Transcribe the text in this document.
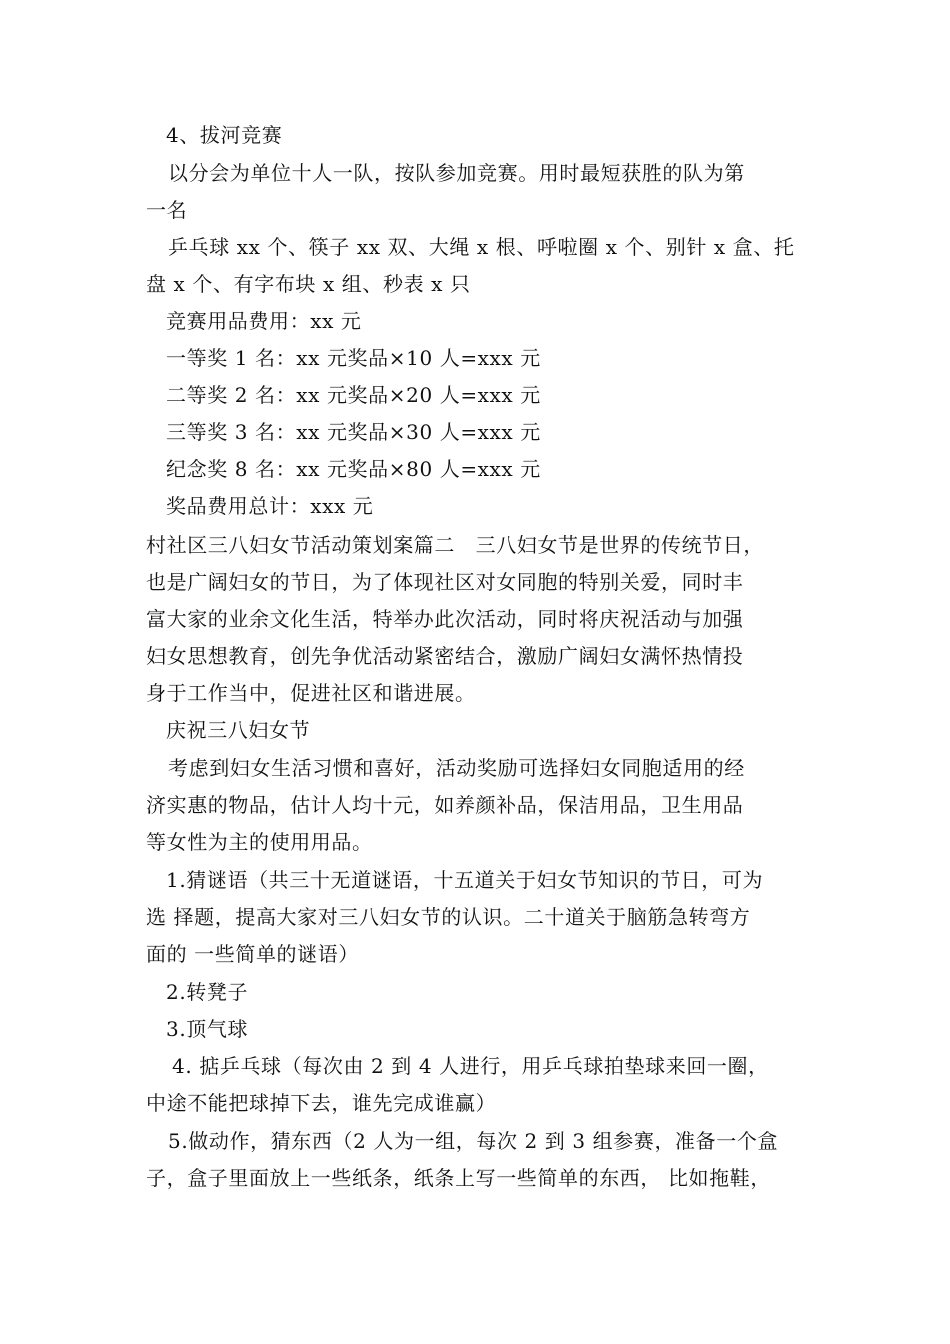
4、拔河竞赛
以分会为单位十人一队，按队参加竞赛。用时最短获胜的队为第
一名
乒乓球 xx 个、筷子 xx 双、大绳 x 根、呼啦圈 x 个、别针 x 盒、托
盘 x 个、有字布块 x 组、秒表 x 只
竞赛用品费用：xx 元
一等奖 1 名：xx 元奖品×10 人=xxx 元
二等奖 2 名：xx 元奖品×20 人=xxx 元
三等奖 3 名：xx 元奖品×30 人=xxx 元
纪念奖 8 名：xx 元奖品×80 人=xxx 元
奖品费用总计：xxx 元
村社区三八妇女节活动策划案篇二　三八妇女节是世界的传统节日，
也是广阔妇女的节日，为了体现社区对女同胞的特别关爱，同时丰
富大家的业余文化生活，特举办此次活动，同时将庆祝活动与加强
妇女思想教育，创先争优活动紧密结合，激励广阔妇女满怀热情投
身于工作当中，促进社区和谐进展。
庆祝三八妇女节
考虑到妇女生活习惯和喜好，活动奖励可选择妇女同胞适用的经
济实惠的物品，估计人均十元，如养颜补品，保洁用品，卫生用品
等女性为主的使用用品。
1.猜谜语（共三十无道谜语，十五道关于妇女节知识的节日，可为
选 择题，提高大家对三八妇女节的认识。二十道关于脑筋急转弯方
面的 一些简单的谜语）
2.转凳子
3.顶气球
4. 掂乒乓球（每次由 2 到 4 人进行，用乒乓球拍垫球来回一圈，
中途不能把球掉下去，谁先完成谁赢）
5.做动作，猜东西（2 人为一组，每次 2 到 3 组参赛，准备一个盒
子，盒子里面放上一些纸条，纸条上写一些简单的东西， 比如拖鞋，
